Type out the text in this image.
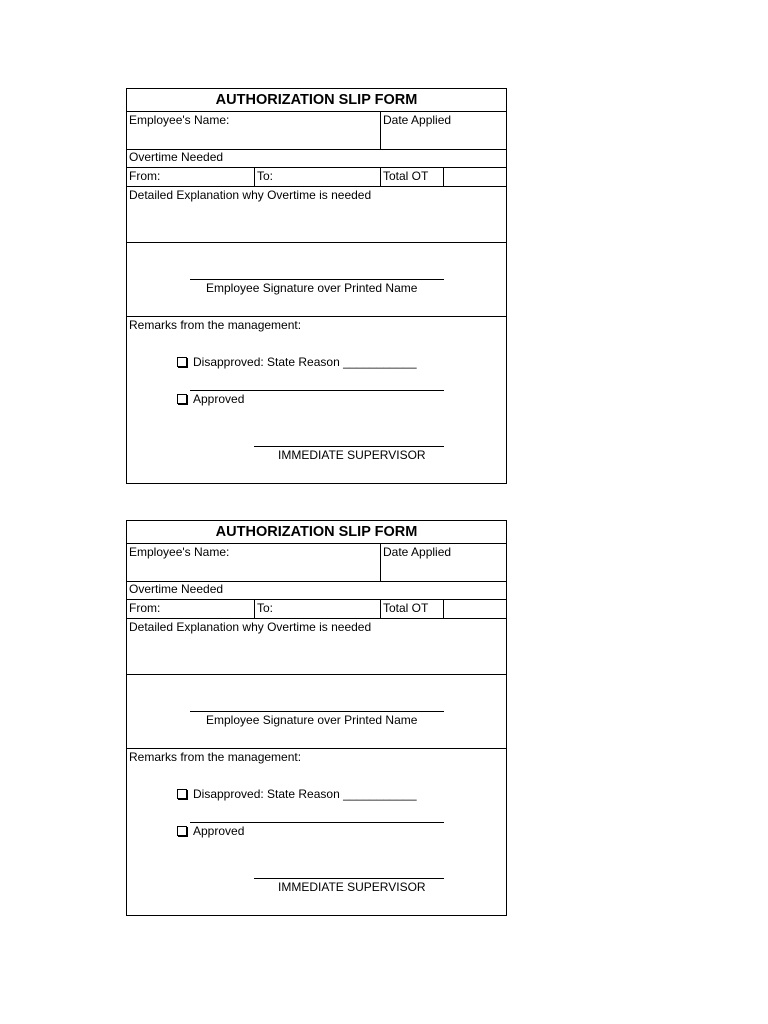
AUTHORIZATION SLIP FORM
Employee's Name:	Date Applied
Overtime Needed
From:	To:	Total OT
Detailed Explanation why Overtime is needed
Employee Signature over Printed Name
Remarks from the management:
Disapproved: State Reason ___________
Approved
IMMEDIATE SUPERVISOR
AUTHORIZATION SLIP FORM
Employee's Name:	Date Applied
Overtime Needed
From:	To:	Total OT
Detailed Explanation why Overtime is needed
Employee Signature over Printed Name
Remarks from the management:
Disapproved: State Reason ___________
Approved
IMMEDIATE SUPERVISOR
